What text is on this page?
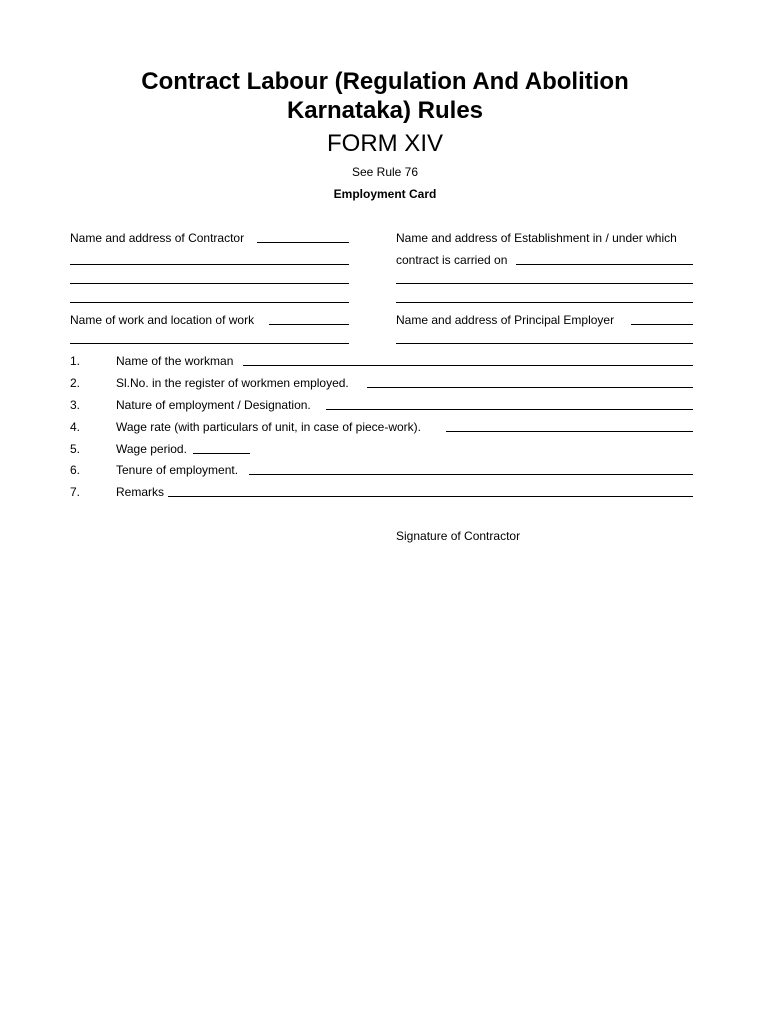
Contract Labour (Regulation And Abolition
Karnataka) Rules
FORM XIV
See Rule 76
Employment Card
Name and address of Contractor	Name and address of Establishment in / under which
contract is carried on
Name of work and location of work	Name and address of Principal Employer
1.	Name of the workman
2.	Sl.No. in the register of workmen employed.
3.	Nature of employment / Designation.
4.	Wage rate (with particulars of unit, in case of piece-work).
5.	Wage period.
6.	Tenure of employment.
7.	Remarks
Signature of Contractor
